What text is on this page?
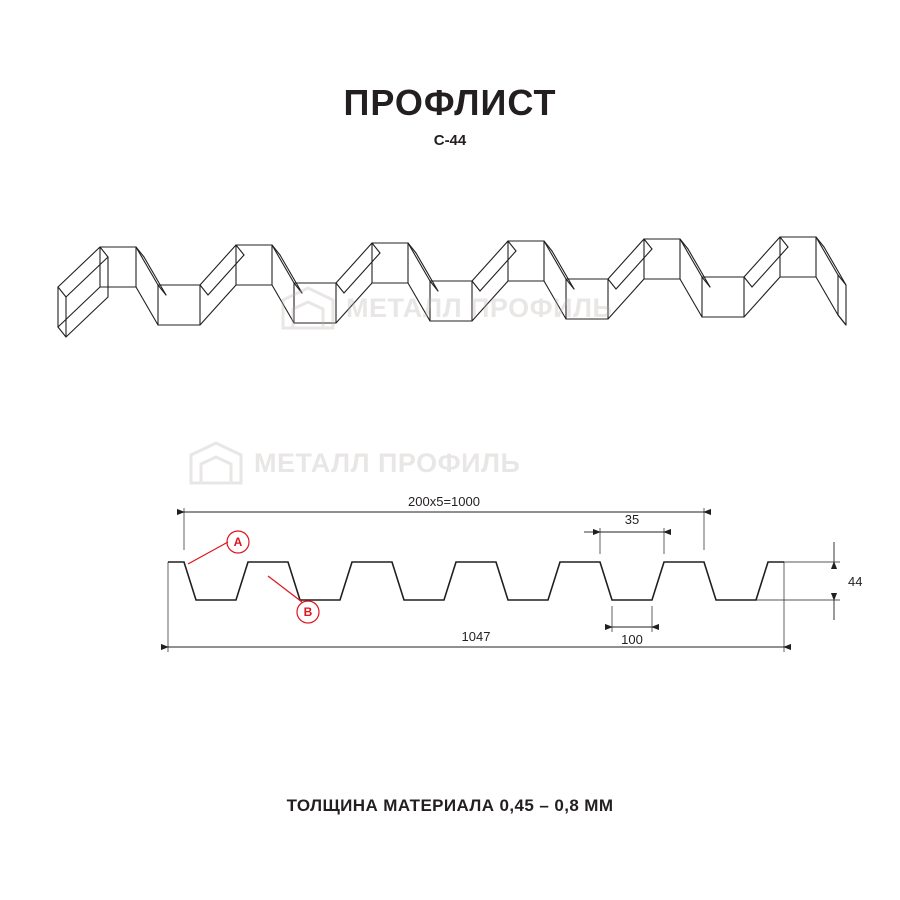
ПРОФЛИСТ
С-44
МЕТАЛЛ ПРОФИЛЬ
200х5=1000
35
100
1047
44
A
B
МЕТАЛЛ ПРОФИЛЬ
ТОЛЩИНА МАТЕРИАЛА 0,45 – 0,8 ММ
